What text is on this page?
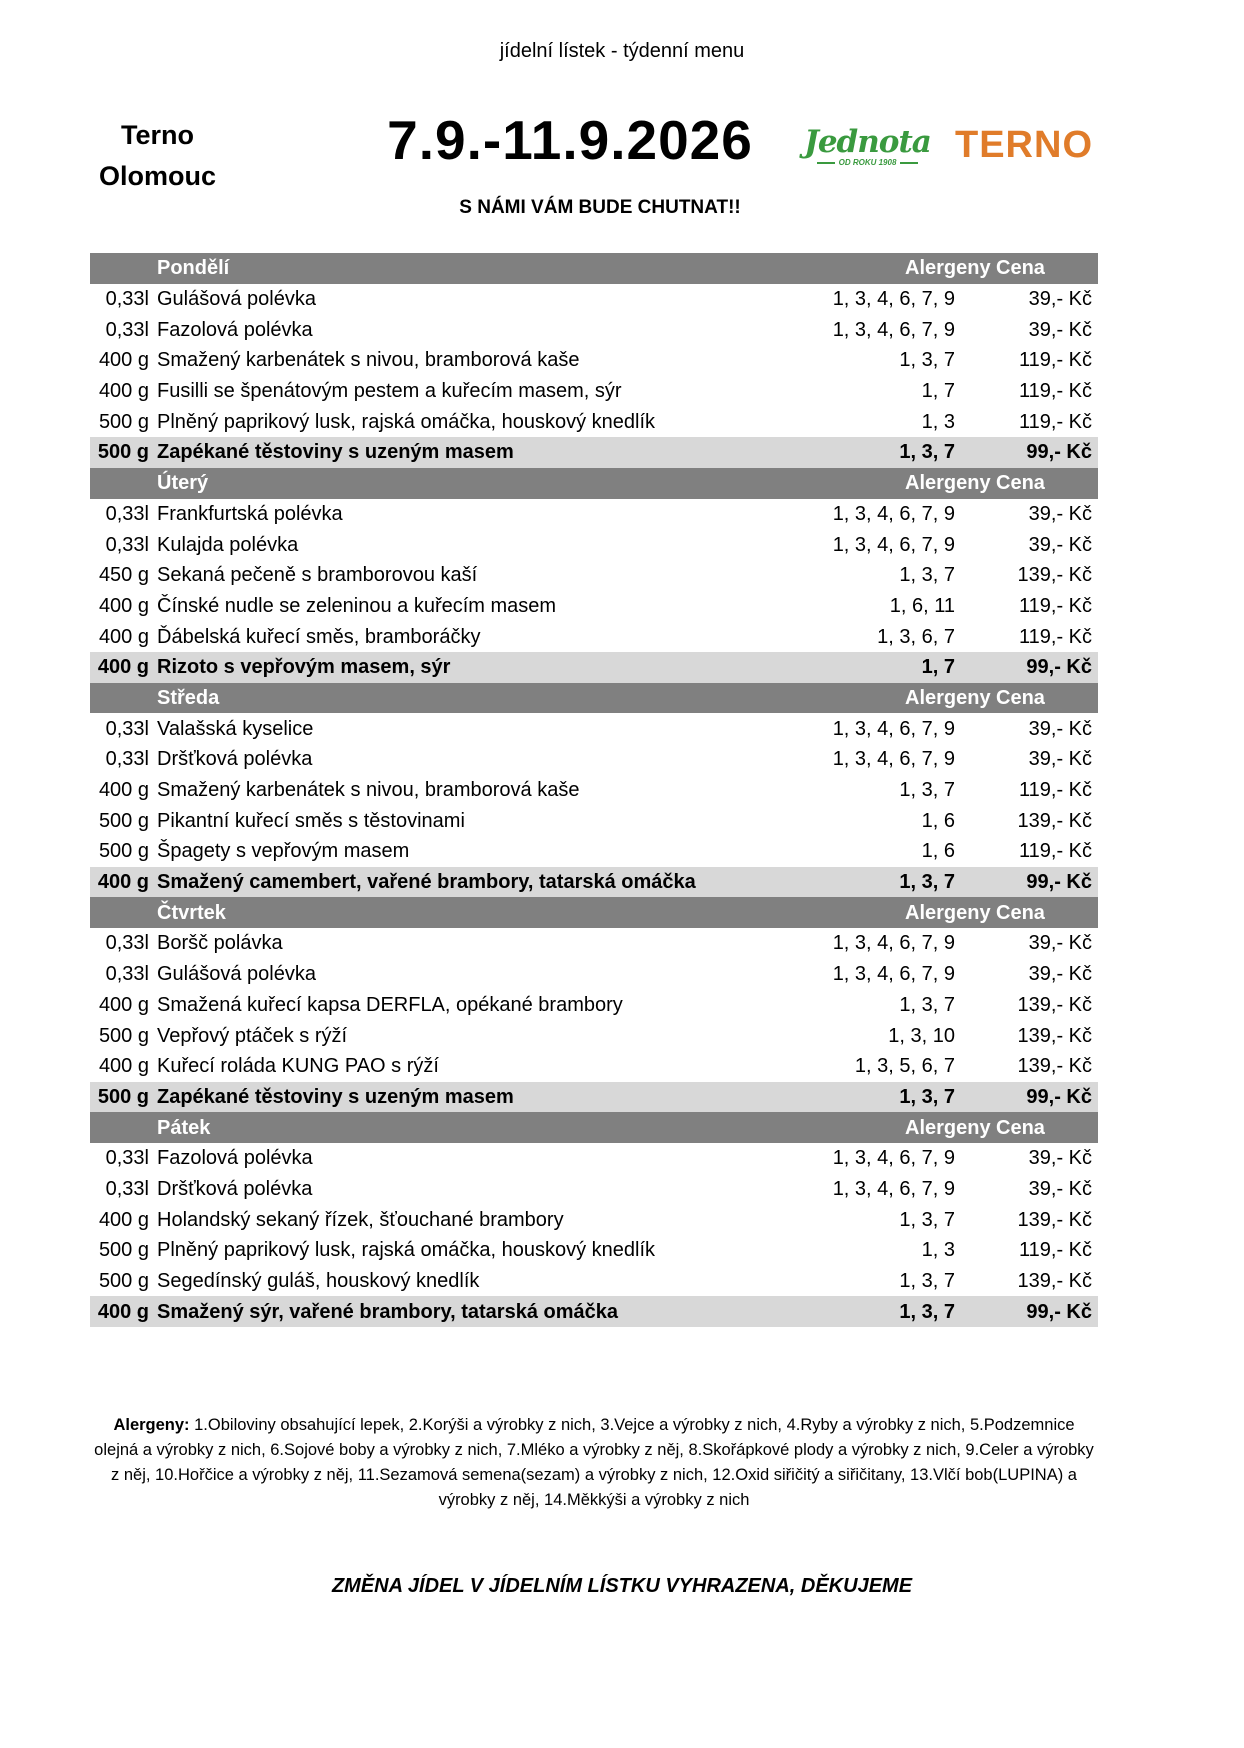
jídelní lístek - týdenní menu
Terno
Olomouc
7.9.-11.9.2026
S NÁMI VÁM BUDE CHUTNAT!!
Jednota
OD ROKU 1908 TERNO
	Pondělí	Alergeny	Cena
0,33l	Gulášová polévka	1, 3, 4, 6, 7, 9	39,- Kč
0,33l	Fazolová polévka	1, 3, 4, 6, 7, 9	39,- Kč
400 g	Smažený karbenátek s nivou, bramborová kaše	1, 3, 7	119,- Kč
400 g	Fusilli se špenátovým pestem a kuřecím masem, sýr	1, 7	119,- Kč
500 g	Plněný paprikový lusk, rajská omáčka, houskový knedlík	1, 3	119,- Kč
500 g	Zapékané těstoviny s uzeným masem	1, 3, 7	99,- Kč
	Úterý	Alergeny	Cena
0,33l	Frankfurtská polévka	1, 3, 4, 6, 7, 9	39,- Kč
0,33l	Kulajda polévka	1, 3, 4, 6, 7, 9	39,- Kč
450 g	Sekaná pečeně s bramborovou kaší	1, 3, 7	139,- Kč
400 g	Čínské nudle se zeleninou a kuřecím masem	1, 6, 11	119,- Kč
400 g	Ďábelská kuřecí směs, bramboráčky	1, 3, 6, 7	119,- Kč
400 g	Rizoto s vepřovým masem, sýr	1, 7	99,- Kč
	Středa	Alergeny	Cena
0,33l	Valašská kyselice	1, 3, 4, 6, 7, 9	39,- Kč
0,33l	Dršťková polévka	1, 3, 4, 6, 7, 9	39,- Kč
400 g	Smažený karbenátek s nivou, bramborová kaše	1, 3, 7	119,- Kč
500 g	Pikantní kuřecí směs s těstovinami	1, 6	139,- Kč
500 g	Špagety s vepřovým masem	1, 6	119,- Kč
400 g	Smažený camembert, vařené brambory, tatarská omáčka	1, 3, 7	99,- Kč
	Čtvrtek	Alergeny	Cena
0,33l	Boršč polávka	1, 3, 4, 6, 7, 9	39,- Kč
0,33l	Gulášová polévka	1, 3, 4, 6, 7, 9	39,- Kč
400 g	Smažená kuřecí kapsa DERFLA, opékané brambory	1, 3, 7	139,- Kč
500 g	Vepřový ptáček s rýží	1, 3, 10	139,- Kč
400 g	Kuřecí roláda KUNG PAO s rýží	1, 3, 5, 6, 7	139,- Kč
500 g	Zapékané těstoviny s uzeným masem	1, 3, 7	99,- Kč
	Pátek	Alergeny	Cena
0,33l	Fazolová polévka	1, 3, 4, 6, 7, 9	39,- Kč
0,33l	Dršťková polévka	1, 3, 4, 6, 7, 9	39,- Kč
400 g	Holandský sekaný řízek, šťouchané brambory	1, 3, 7	139,- Kč
500 g	Plněný paprikový lusk, rajská omáčka, houskový knedlík	1, 3	119,- Kč
500 g	Segedínský guláš, houskový knedlík	1, 3, 7	139,- Kč
400 g	Smažený sýr, vařené brambory, tatarská omáčka	1, 3, 7	99,- Kč
Alergeny: 1.Obiloviny obsahující lepek, 2.Korýši a výrobky z nich, 3.Vejce a výrobky z nich, 4.Ryby a výrobky z nich, 5.Podzemnice olejná a výrobky z nich, 6.Sojové boby a výrobky z nich, 7.Mléko a výrobky z něj, 8.Skořápkové plody a výrobky z nich, 9.Celer a výrobky z něj, 10.Hořčice a výrobky z něj, 11.Sezamová semena(sezam) a výrobky z nich, 12.Oxid siřičitý a siřičitany, 13.Vlčí bob(LUPINA) a výrobky z něj, 14.Měkkýši a výrobky z nich
ZMĚNA JÍDEL V JÍDELNÍM LÍSTKU VYHRAZENA, DĚKUJEME
